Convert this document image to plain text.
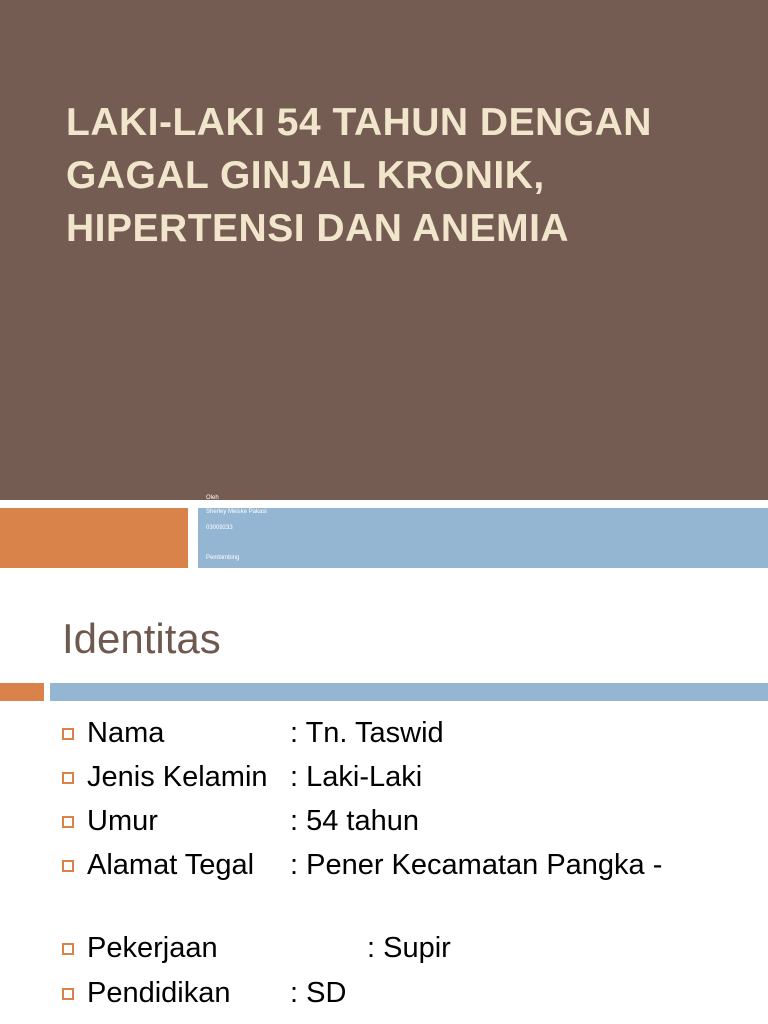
LAKI-LAKI 54 TAHUN DENGAN GAGAL GINJAL KRONIK, HIPERTENSI DAN ANEMIA
Oleh
Sherley Meiske Pakasi
03009233
Pembimbing
Identitas
Nama	: Tn. Taswid
Jenis Kelamin : Laki-Laki
Umur	: 54 tahun
Alamat Tegal	: Pener Kecamatan Pangka -
Pekerjaan	: Supir
Pendidikan : SD
